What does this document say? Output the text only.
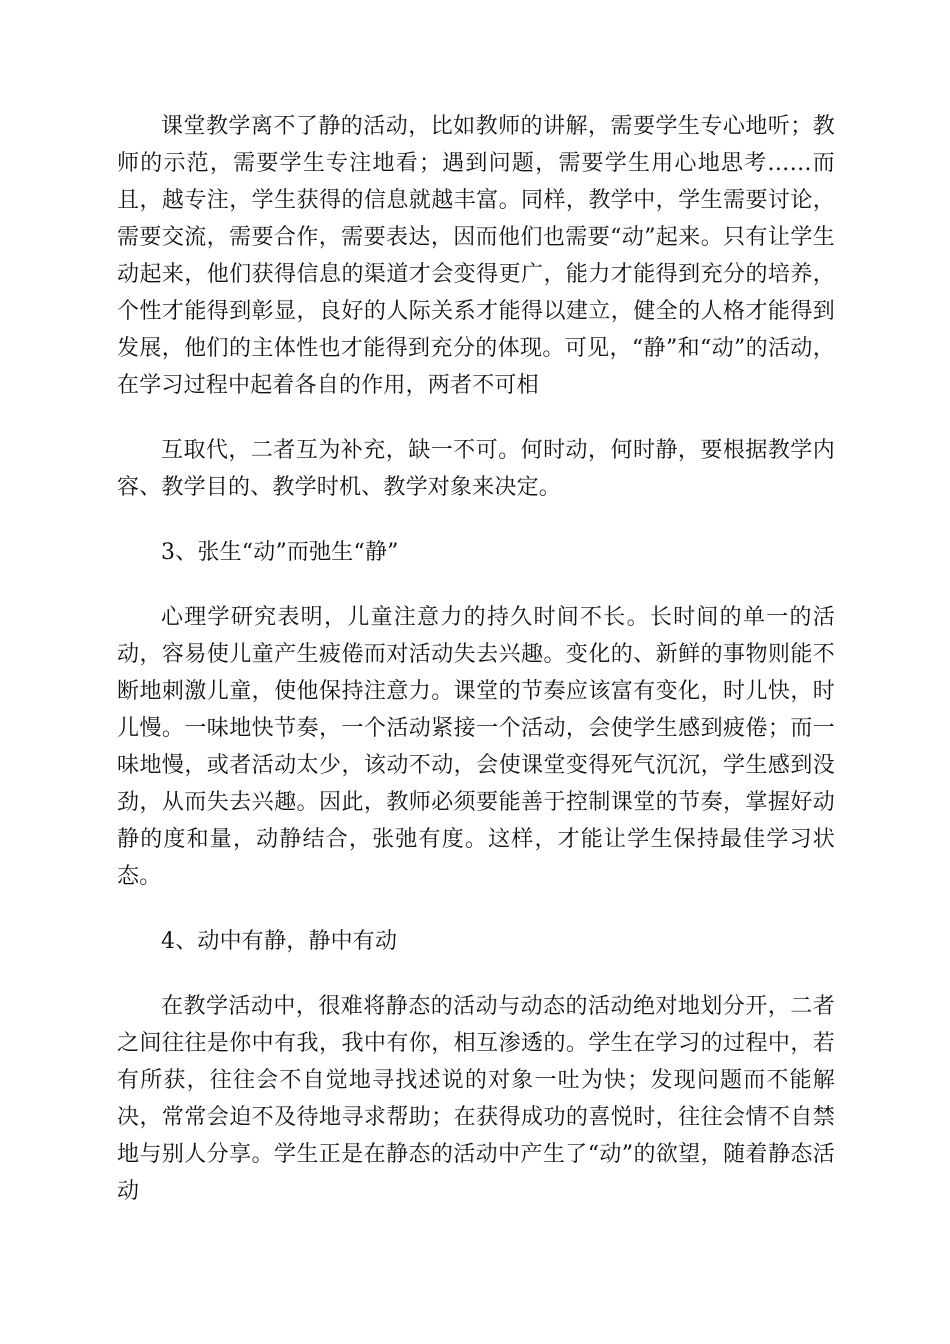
课堂教学离不了静的活动，比如教师的讲解，需要学生专心地听；教师的示范，需要学生专注地看；遇到问题，需要学生用心地思考……而且，越专注，学生获得的信息就越丰富。同样，教学中，学生需要讨论，需要交流，需要合作，需要表达，因而他们也需要“动”起来。只有让学生动起来，他们获得信息的渠道才会变得更广，能力才能得到充分的培养，个性才能得到彰显，良好的人际关系才能得以建立，健全的人格才能得到发展，他们的主体性也才能得到充分的体现。可见，“静”和“动”的活动，在学习过程中起着各自的作用，两者不可相

互取代，二者互为补充，缺一不可。何时动，何时静，要根据教学内容、教学目的、教学时机、教学对象来决定。

3、张生“动”而弛生“静”

心理学研究表明，儿童注意力的持久时间不长。长时间的单一的活动，容易使儿童产生疲倦而对活动失去兴趣。变化的、新鲜的事物则能不断地刺激儿童，使他保持注意力。课堂的节奏应该富有变化，时儿快，时儿慢。一味地快节奏，一个活动紧接一个活动，会使学生感到疲倦；而一味地慢，或者活动太少，该动不动，会使课堂变得死气沉沉，学生感到没劲，从而失去兴趣。因此，教师必须要能善于控制课堂的节奏，掌握好动静的度和量，动静结合，张弛有度。这样，才能让学生保持最佳学习状态。

4、动中有静，静中有动

在教学活动中，很难将静态的活动与动态的活动绝对地划分开，二者之间往往是你中有我，我中有你，相互渗透的。学生在学习的过程中，若有所获，往往会不自觉地寻找述说的对象一吐为快；发现问题而不能解决，常常会迫不及待地寻求帮助；在获得成功的喜悦时，往往会情不自禁地与别人分享。学生正是在静态的活动中产生了“动”的欲望，随着静态活动
